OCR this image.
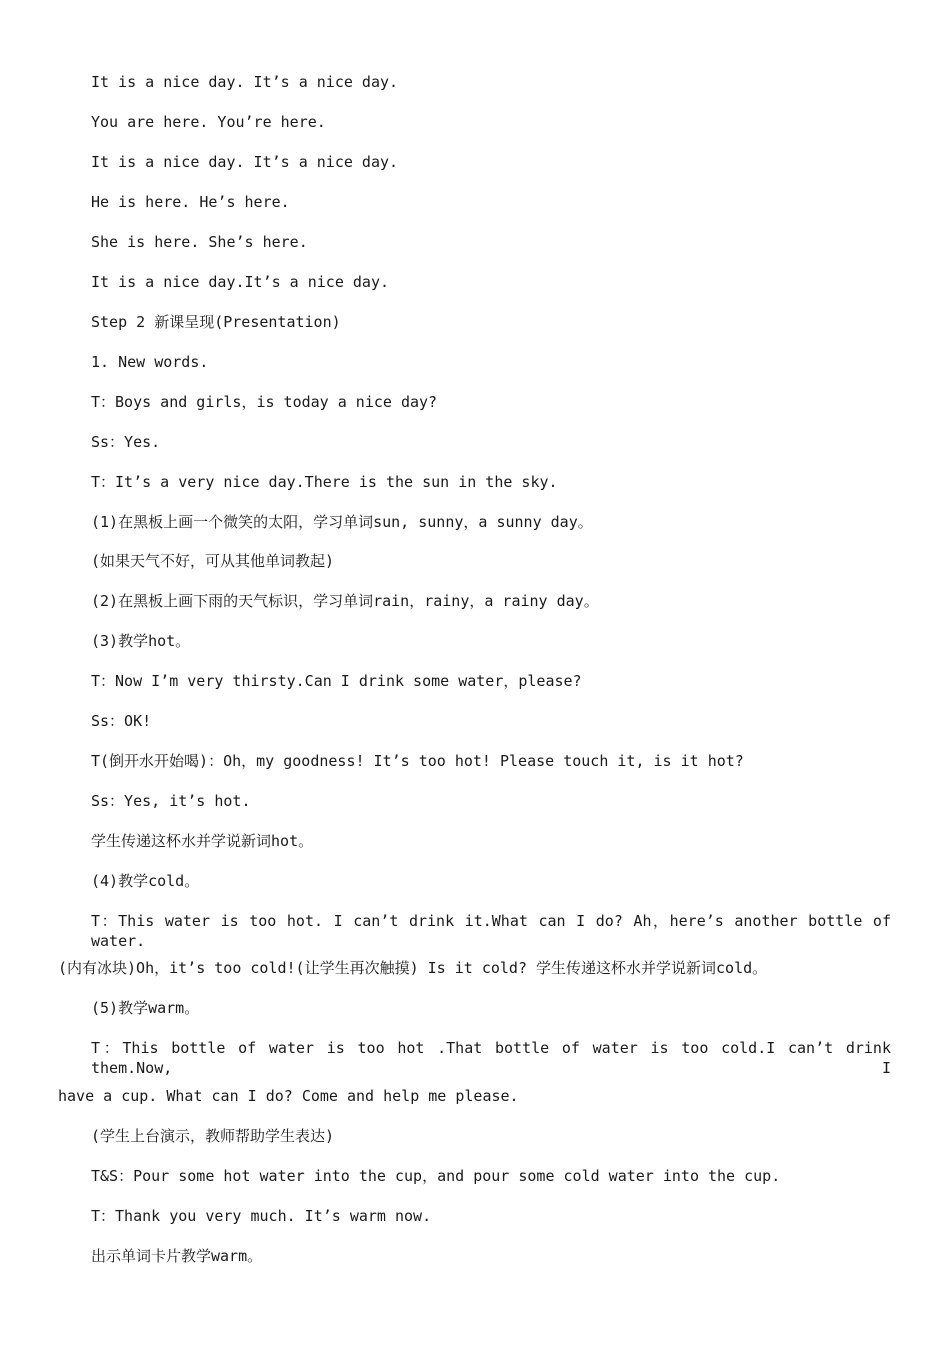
It is a nice day. It’s a nice day.
You are here. You’re here.
It is a nice day. It’s a nice day.
He is here. He’s here.
She is here. She’s here.
It is a nice day.It’s a nice day.
Step 2 新课呈现(Presentation)
1. New words.
T：Boys and girls，is today a nice day?
Ss：Yes.
T：It’s a very nice day.There is the sun in the sky.
(1)在黑板上画一个微笑的太阳，学习单词sun, sunny，a sunny day。
(如果天气不好，可从其他单词教起)
(2)在黑板上画下雨的天气标识，学习单词rain，rainy，a rainy day。
(3)教学hot。
T：Now I’m very thirsty.Can I drink some water，please?
Ss：OK!
T(倒开水开始喝)：Oh，my goodness! It’s too hot! Please touch it, is it hot?
Ss：Yes, it’s hot.
学生传递这杯水并学说新词hot。
(4)教学cold。
T：This water is too hot. I can’t drink it.What can I do? Ah，here’s another bottle of water.
(内有冰块)Oh，it’s too cold!(让学生再次触摸) Is it cold? 学生传递这杯水并学说新词cold。
(5)教学warm。
T：This bottle of water is too hot .That bottle of water is too cold.I can’t drink them.Now, I
have a cup. What can I do? Come and help me please.
(学生上台演示，教师帮助学生表达)
T&S：Pour some hot water into the cup，and pour some cold water into the cup.
T：Thank you very much. It’s warm now.
出示单词卡片教学warm。
